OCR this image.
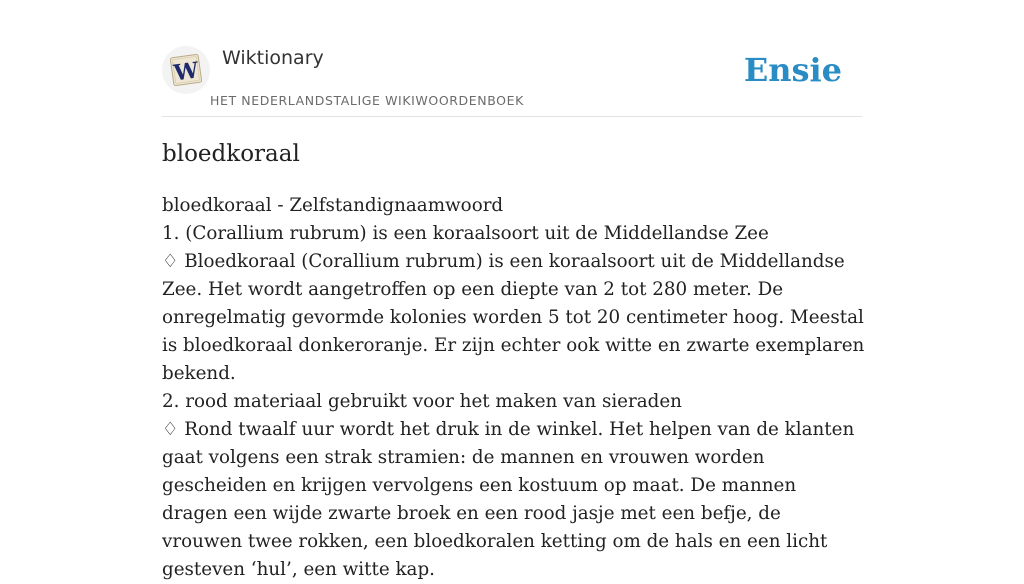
W Wiktionary
HET NEDERLANDSTALIGE WIKIWOORDENBOEK
Ensie
bloedkoraal

bloedkoraal - Zelfstandignaamwoord

1. (Corallium rubrum) is een koraalsoort uit de Middellandse Zee

♢ Bloedkoraal (Corallium rubrum) is een koraalsoort uit de Middellandse Zee. Het wordt aangetroffen op een diepte van 2 tot 280 meter. De onregelmatig gevormde kolonies worden 5 tot 20 centimeter hoog. Meestal is bloedkoraal donkeroranje. Er zijn echter ook witte en zwarte exemplaren bekend.

2. rood materiaal gebruikt voor het maken van sieraden

♢ Rond twaalf uur wordt het druk in de winkel. Het helpen van de klanten gaat volgens een strak stramien: de mannen en vrouwen worden gescheiden en krijgen vervolgens een kostuum op maat. De mannen dragen een wijde zwarte broek en een rood jasje met een befje, de vrouwen twee rokken, een bloedkoralen ketting om de hals en een licht gesteven ‘hul’, een witte kap.
